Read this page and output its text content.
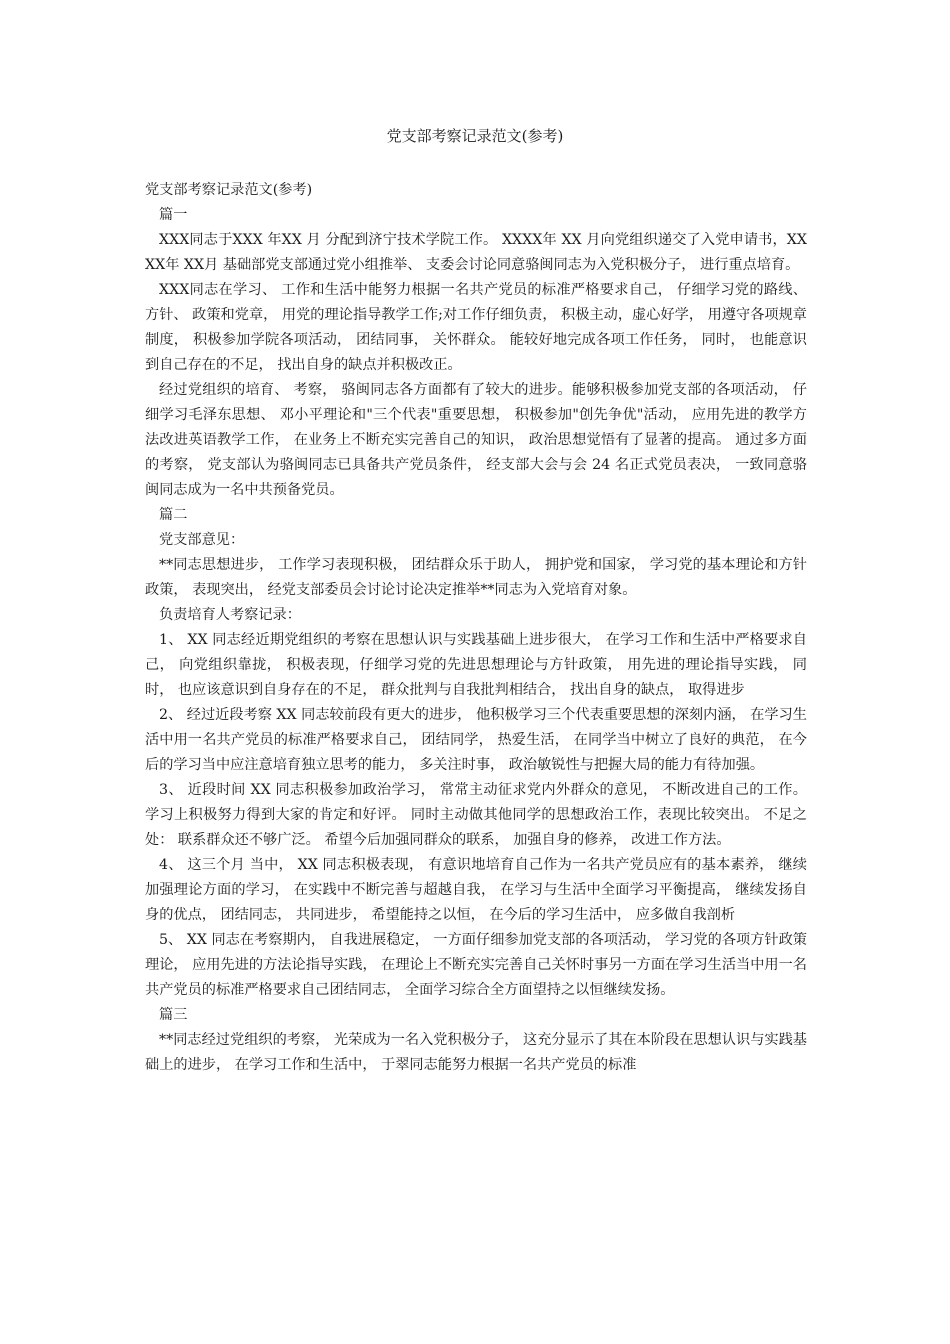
党支部考察记录范文(参考)

党支部考察记录范文(参考)

篇一

XXX同志于XXX 年XX 月 分配到济宁技术学院工作。 XXXX年 XX 月向党组织递交了入党申请书，XXXX年 XX月 基础部党支部通过党小组推举、 支委会讨论同意骆闽同志为入党积极分子， 进行重点培育。

XXX同志在学习、 工作和生活中能努力根据一名共产党员的标准严格要求自己， 仔细学习党的路线、 方针、 政策和党章， 用党的理论指导教学工作;对工作仔细负责， 积极主动，虚心好学， 用遵守各项规章制度， 积极参加学院各项活动， 团结同事， 关怀群众。 能较好地完成各项工作任务， 同时， 也能意识到自己存在的不足， 找出自身的缺点并积极改正。

经过党组织的培育、 考察， 骆闽同志各方面都有了较大的进步。能够积极参加党支部的各项活动， 仔细学习毛泽东思想、 邓小平理论和"三个代表"重要思想， 积极参加"创先争优"活动， 应用先进的教学方法改进英语教学工作， 在业务上不断充实完善自己的知识， 政治思想觉悟有了显著的提高。 通过多方面的考察， 党支部认为骆闽同志已具备共产党员条件， 经支部大会与会 24 名正式党员表决， 一致同意骆闽同志成为一名中共预备党员。

篇二

党支部意见：

**同志思想进步， 工作学习表现积极， 团结群众乐于助人， 拥护党和国家， 学习党的基本理论和方针政策， 表现突出， 经党支部委员会讨论讨论决定推举**同志为入党培育对象。

负责培育人考察记录：

1、 XX 同志经近期党组织的考察在思想认识与实践基础上进步很大， 在学习工作和生活中严格要求自己， 向党组织靠拢， 积极表现，仔细学习党的先进思想理论与方针政策， 用先进的理论指导实践， 同时， 也应该意识到自身存在的不足， 群众批判与自我批判相结合， 找出自身的缺点， 取得进步

2、 经过近段考察 XX 同志较前段有更大的进步， 他积极学习三个代表重要思想的深刻内涵， 在学习生活中用一名共产党员的标准严格要求自己， 团结同学， 热爱生活， 在同学当中树立了良好的典范， 在今后的学习当中应注意培育独立思考的能力， 多关注时事， 政治敏锐性与把握大局的能力有待加强。

3、 近段时间 XX 同志积极参加政治学习， 常常主动征求党内外群众的意见， 不断改进自己的工作。 学习上积极努力得到大家的肯定和好评。 同时主动做其他同学的思想政治工作，表现比较突出。 不足之处： 联系群众还不够广泛。 希望今后加强同群众的联系， 加强自身的修养， 改进工作方法。

4、 这三个月 当中， XX 同志积极表现， 有意识地培育自己作为一名共产党员应有的基本素养， 继续加强理论方面的学习， 在实践中不断完善与超越自我， 在学习与生活中全面学习平衡提高， 继续发扬自身的优点， 团结同志， 共同进步， 希望能持之以恒， 在今后的学习生活中， 应多做自我剖析

5、 XX 同志在考察期内， 自我进展稳定， 一方面仔细参加党支部的各项活动， 学习党的各项方针政策理论， 应用先进的方法论指导实践， 在理论上不断充实完善自己关怀时事另一方面在学习生活当中用一名共产党员的标准严格要求自己团结同志， 全面学习综合全方面望持之以恒继续发扬。

篇三

**同志经过党组织的考察， 光荣成为一名入党积极分子， 这充分显示了其在本阶段在思想认识与实践基础上的进步， 在学习工作和生活中， 于翠同志能努力根据一名共产党员的标准
